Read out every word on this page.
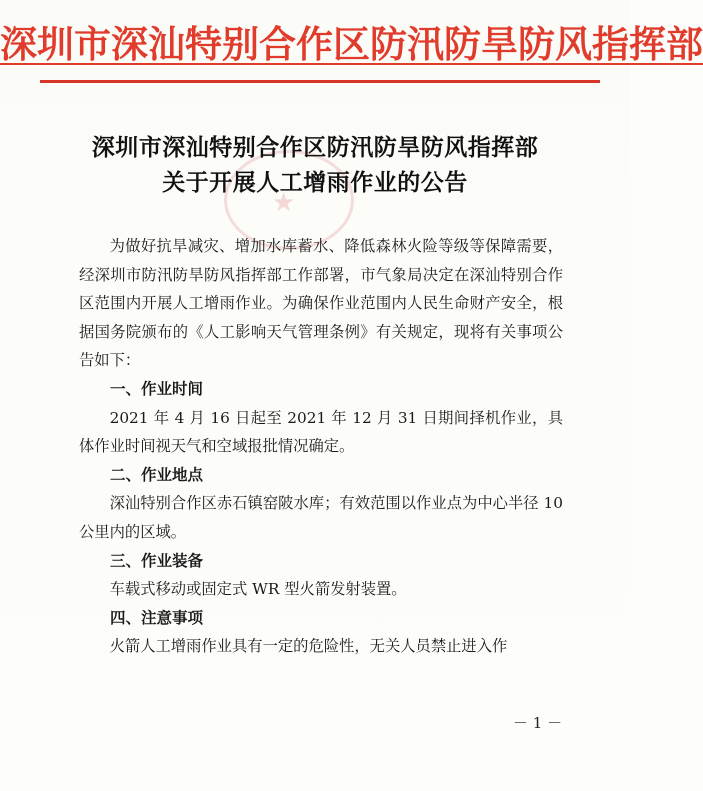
深圳市深汕特别合作区防汛防旱防风指挥部
★
深圳市深汕特别合作区防汛防旱防风指挥部
关于开展人工增雨作业的公告

为做好抗旱减灾、增加水库蓄水、降低森林火险等级等保障需要，经深圳市防汛防旱防风指挥部工作部署，市气象局决定在深汕特别合作区范围内开展人工增雨作业。为确保作业范围内人民生命财产安全，根据国务院颁布的《人工影响天气管理条例》有关规定，现将有关事项公告如下：

一、作业时间

2021 年 4 月 16 日起至 2021 年 12 月 31 日期间择机作业，具体作业时间视天气和空域报批情况确定。

二、作业地点

深汕特别合作区赤石镇窑陂水库；有效范围以作业点为中心半径 10 公里内的区域。

三、作业装备

车载式移动或固定式 WR 型火箭发射装置。

四、注意事项

火箭人工增雨作业具有一定的危险性，无关人员禁止进入作

－ 1 －
